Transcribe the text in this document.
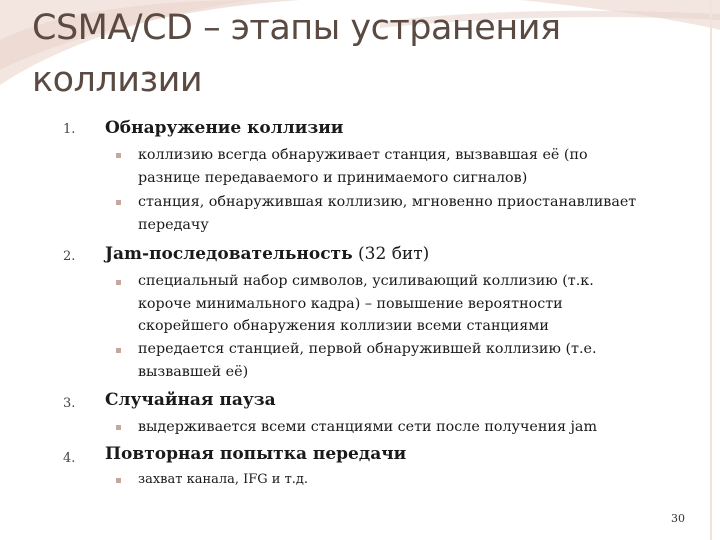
CSMA/CD – этапы устранения коллизии
1. Обнаружение коллизии
коллизию всегда обнаруживает станция, вызвавшая её (по разнице передаваемого и принимаемого сигналов)
станция, обнаружившая коллизию, мгновенно приостанавливает передачу
2. Jam-последовательность (32 бит)
специальный набор символов, усиливающий коллизию (т.к. короче минимального кадра) – повышение вероятности скорейшего обнаружения коллизии всеми станциями
передается станцией, первой обнаружившей коллизию (т.е. вызвавшей её)
3. Случайная пауза
выдерживается всеми станциями сети после получения jam
4. Повторная попытка передачи
захват канала, IFG и т.д.
30
